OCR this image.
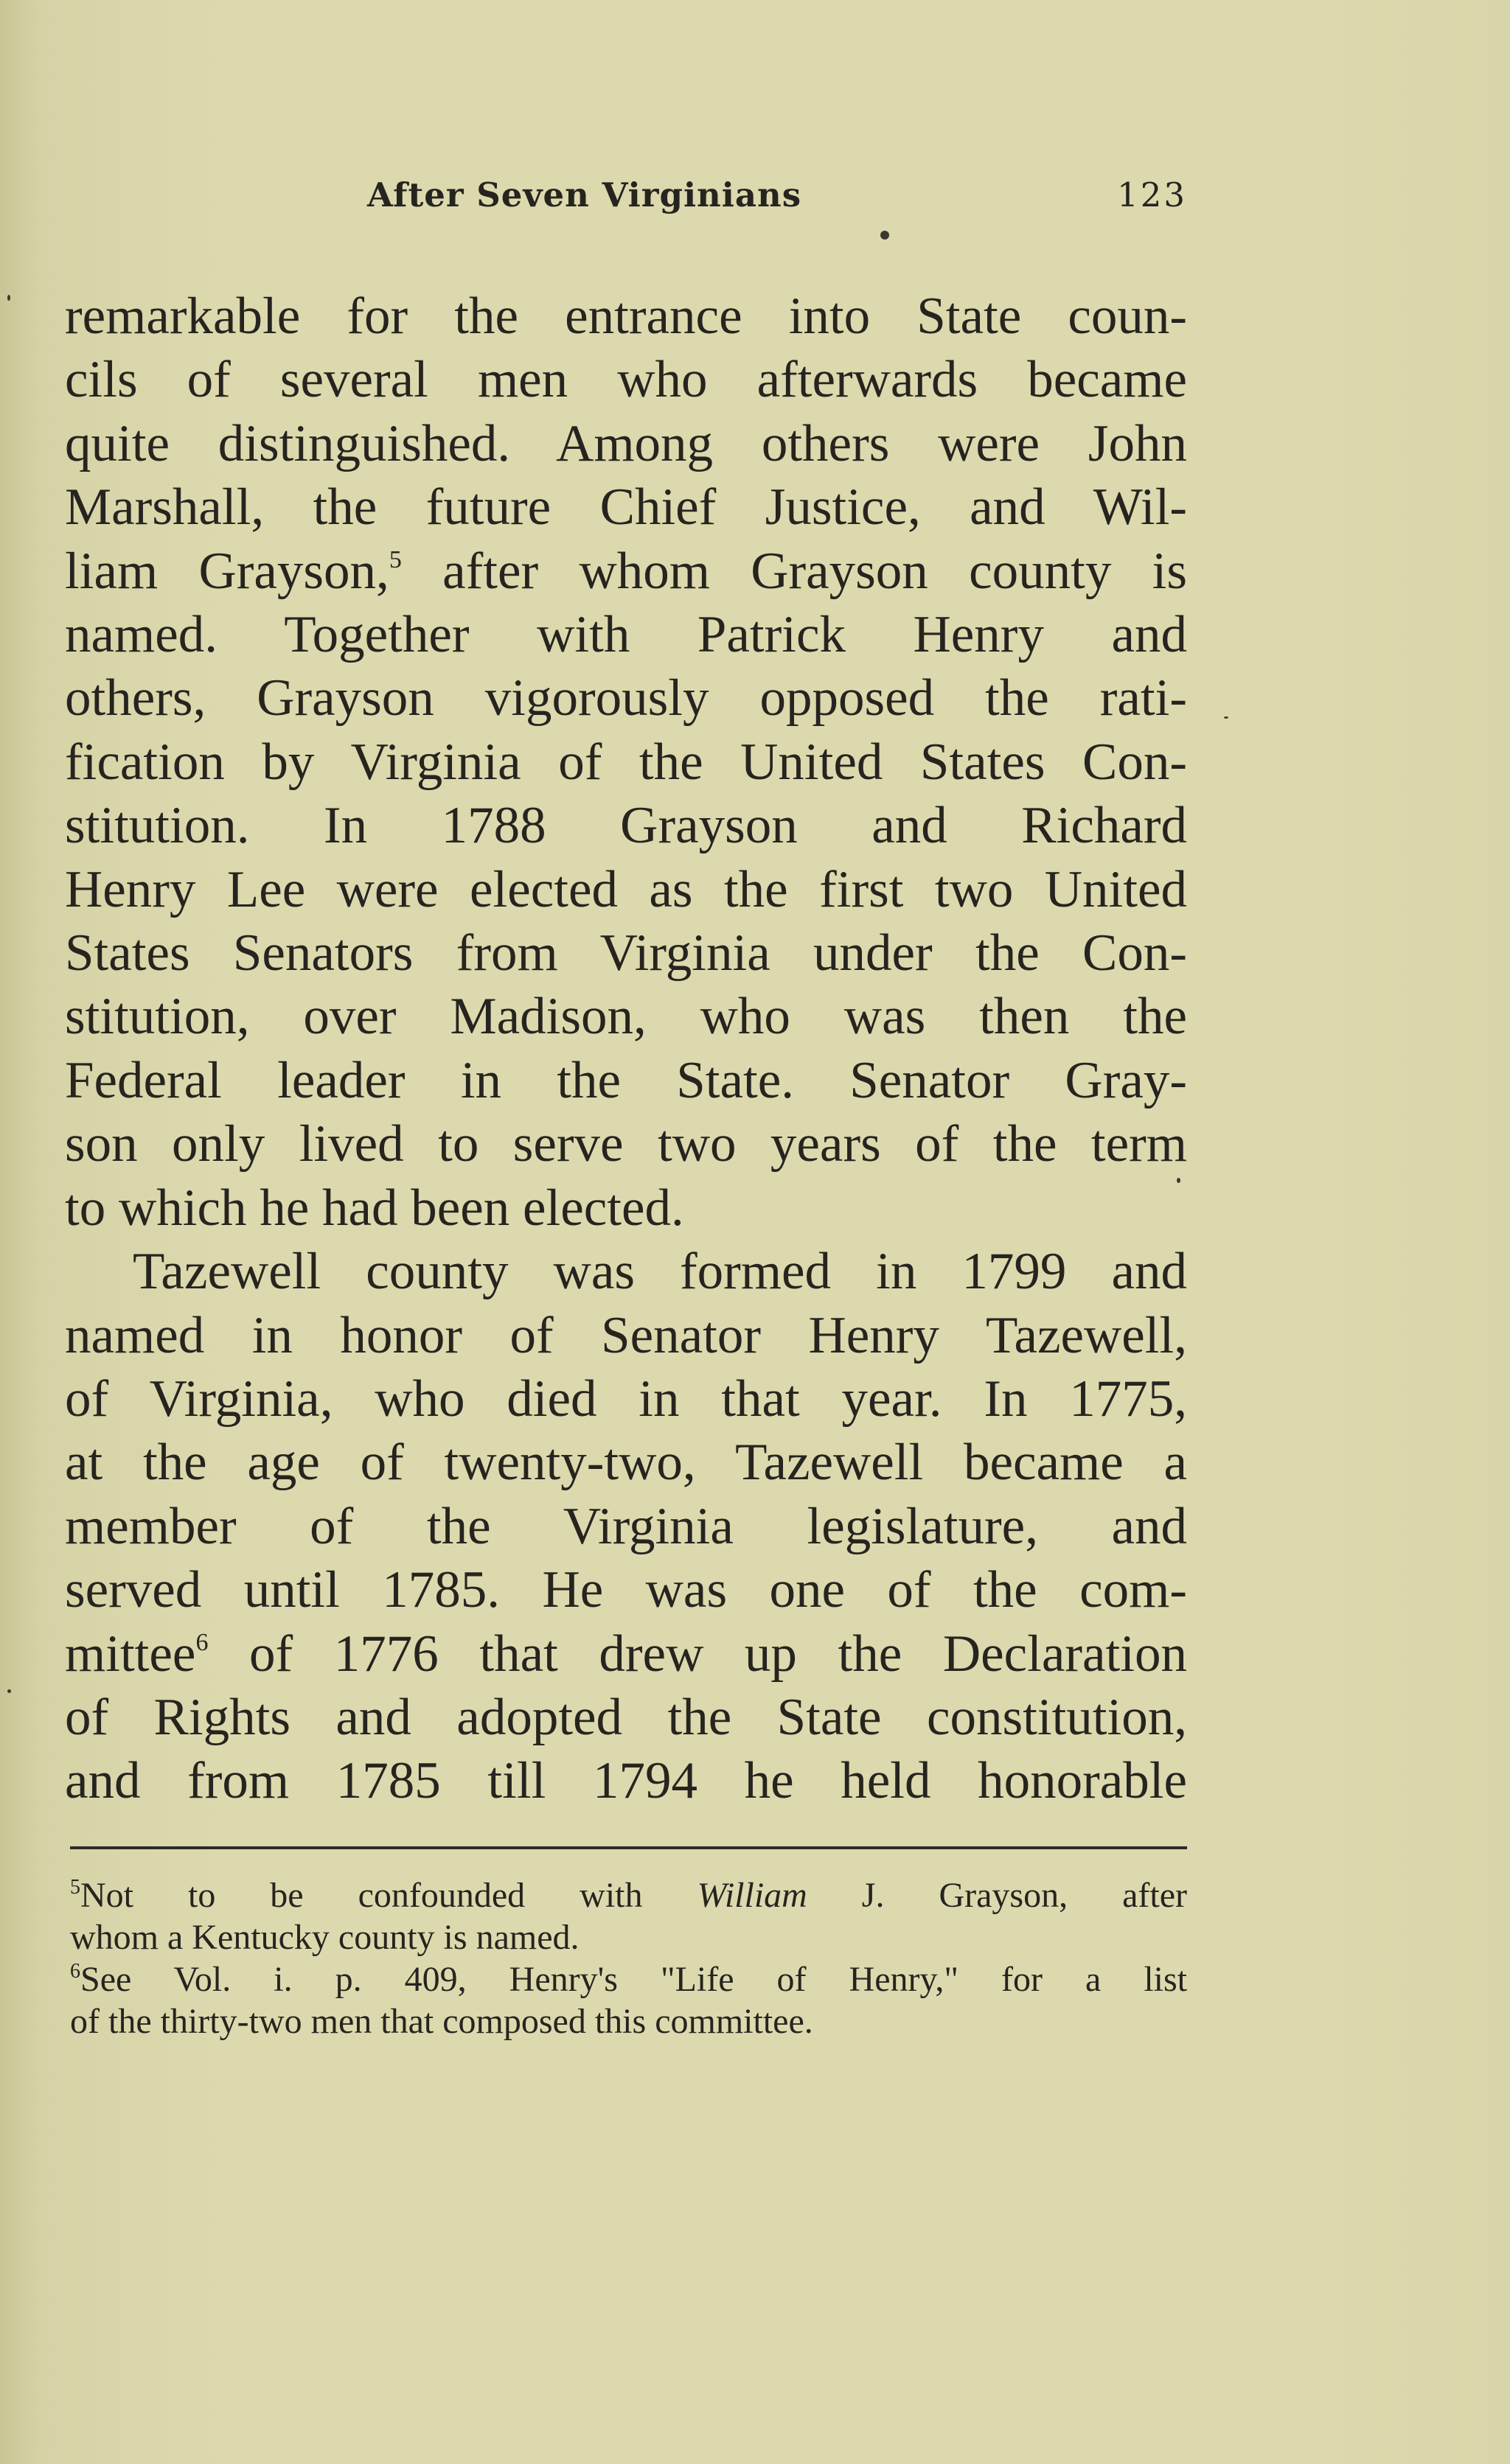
After Seven Virginians	123
remarkable for the entrance into State coun-
cils of several men who afterwards became
quite distinguished. Among others were John
Marshall, the future Chief Justice, and Wil-
liam Grayson,$^5$ after whom Grayson county is
named. Together with Patrick Henry and
others, Grayson vigorously opposed the rati-
fication by Virginia of the United States Con-
stitution. In 1788 Grayson and Richard
Henry Lee were elected as the first two United
States Senators from Virginia under the Con-
stitution, over Madison, who was then the
Federal leader in the State. Senator Gray-
son only lived to serve two years of the term
to which he had been elected.
Tazewell county was formed in 1799 and
named in honor of Senator Henry Tazewell,
of Virginia, who died in that year. In 1775,
at the age of twenty-two, Tazewell became a
member of the Virginia legislature, and
served until 1785. He was one of the com-
mittee$^6$ of 1776 that drew up the Declaration
of Rights and adopted the State constitution,
and from 1785 till 1794 he held honorable
$^5$Not to be confounded with William J. Grayson, after
whom a Kentucky county is named.
$^6$See Vol. i. p. 409, Henry's "Life of Henry," for a list
of the thirty-two men that composed this committee.
